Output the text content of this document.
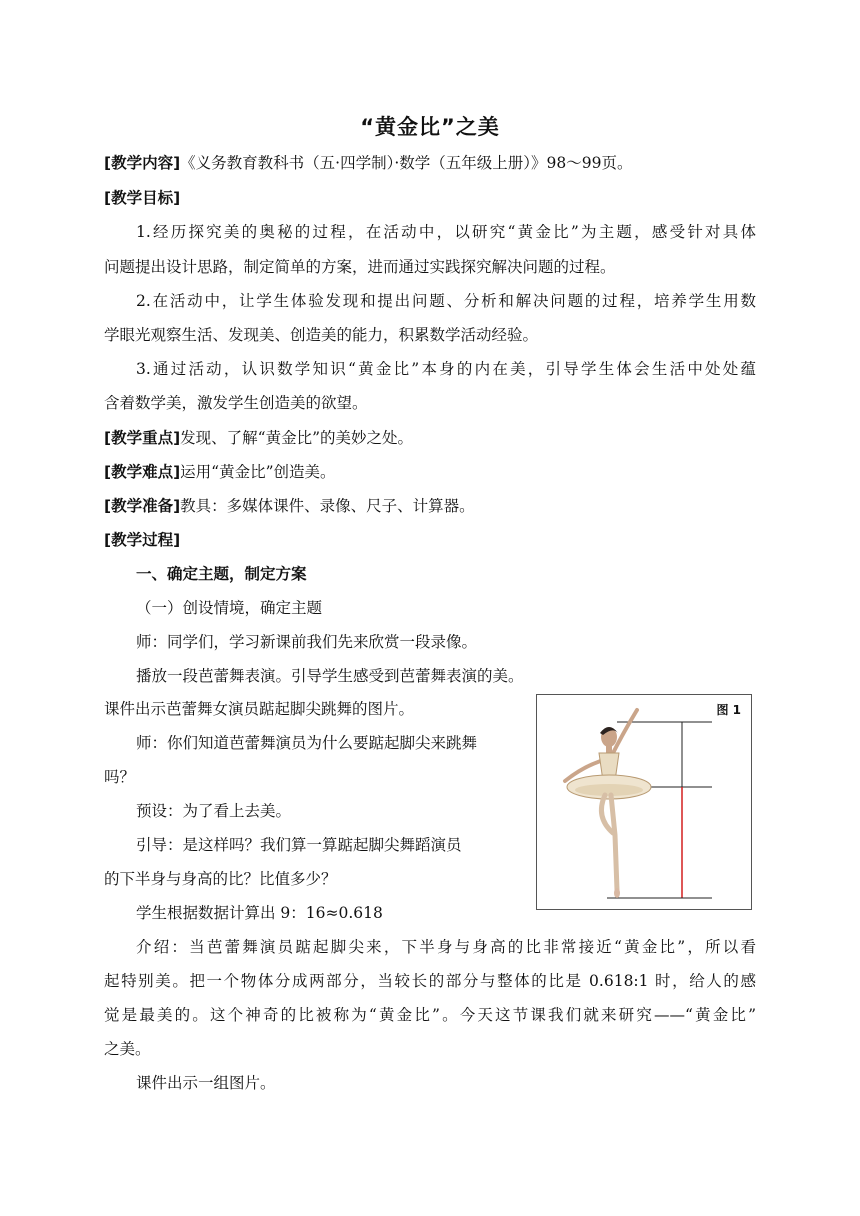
“黄金比”之美
[教学内容]《义务教育教科书（五·四学制）·数学（五年级上册）》98～99页。
[教学目标]
1.经历探究美的奥秘的过程，在活动中，以研究“黄金比”为主题，感受针对具体
问题提出设计思路，制定简单的方案，进而通过实践探究解决问题的过程。
2.在活动中，让学生体验发现和提出问题、分析和解决问题的过程，培养学生用数
学眼光观察生活、发现美、创造美的能力，积累数学活动经验。
3.通过活动，认识数学知识“黄金比”本身的内在美，引导学生体会生活中处处蕴
含着数学美，激发学生创造美的欲望。
[教学重点]发现、了解“黄金比”的美妙之处。
[教学难点]运用“黄金比”创造美。
[教学准备]教具：多媒体课件、录像、尺子、计算器。
[教学过程]
一、确定主题，制定方案
（一）创设情境，确定主题
师：同学们，学习新课前我们先来欣赏一段录像。
播放一段芭蕾舞表演。引导学生感受到芭蕾舞表演的美。
课件出示芭蕾舞女演员踮起脚尖跳舞的图片。
师：你们知道芭蕾舞演员为什么要踮起脚尖来跳舞
吗？
预设：为了看上去美。
引导：是这样吗？我们算一算踮起脚尖舞蹈演员
的下半身与身高的比？比值多少？
学生根据数据计算出 9：16≈0.618
介绍：当芭蕾舞演员踮起脚尖来，下半身与身高的比非常接近“黄金比”，所以看
起特别美。把一个物体分成两部分，当较长的部分与整体的比是 0.618:1 时，给人的感
觉是最美的。这个神奇的比被称为“黄金比”。今天这节课我们就来研究——“黄金比”
之美。
课件出示一组图片。
图 1
